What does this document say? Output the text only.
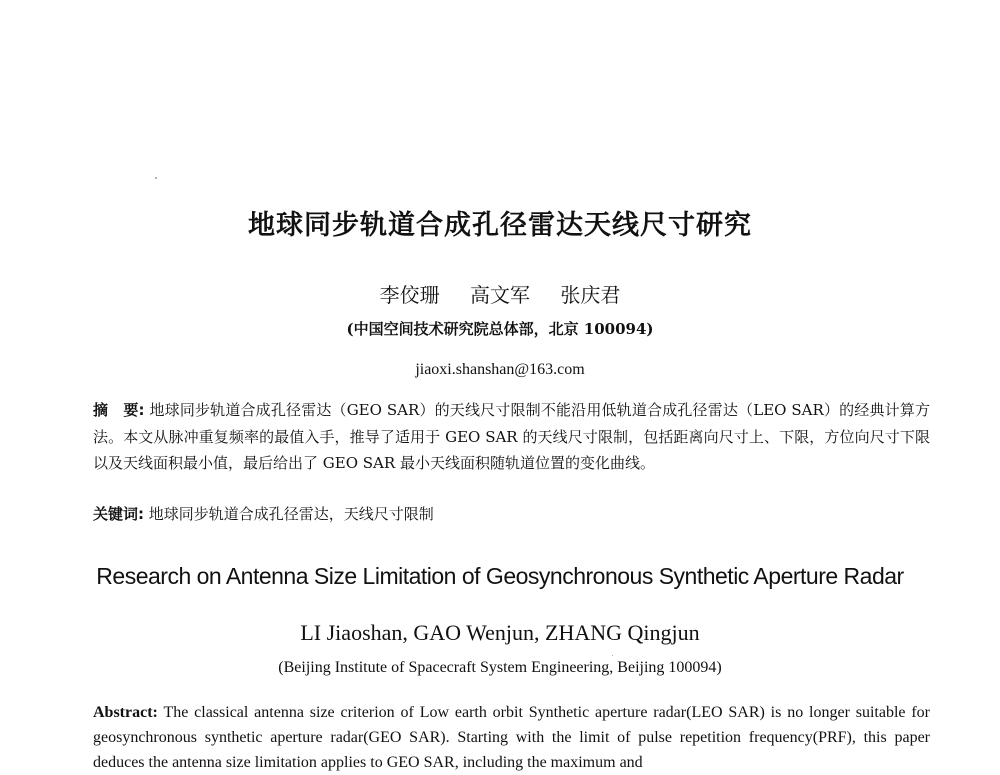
地球同步轨道合成孔径雷达天线尺寸研究
李佼珊 高文军 张庆君
(中国空间技术研究院总体部，北京 100094)
jiaoxi.shanshan@163.com
摘　要: 地球同步轨道合成孔径雷达（GEO SAR）的天线尺寸限制不能沿用低轨道合成孔径雷达（LEO SAR）的经典计算方法。本文从脉冲重复频率的最值入手，推导了适用于 GEO SAR 的天线尺寸限制，包括距离向尺寸上、下限，方位向尺寸下限以及天线面积最小值，最后给出了 GEO SAR 最小天线面积随轨道位置的变化曲线。
关键词: 地球同步轨道合成孔径雷达，天线尺寸限制
Research on Antenna Size Limitation of Geosynchronous Synthetic Aperture Radar
LI Jiaoshan, GAO Wenjun, ZHANG Qingjun
(Beijing Institute of Spacecraft System Engineering, Beijing 100094)
Abstract: The classical antenna size criterion of Low earth orbit Synthetic aperture radar(LEO SAR) is no longer suitable for geosynchronous synthetic aperture radar(GEO SAR). Starting with the limit of pulse repetition frequency(PRF), this paper deduces the antenna size limitation applies to GEO SAR, including the maximum and
